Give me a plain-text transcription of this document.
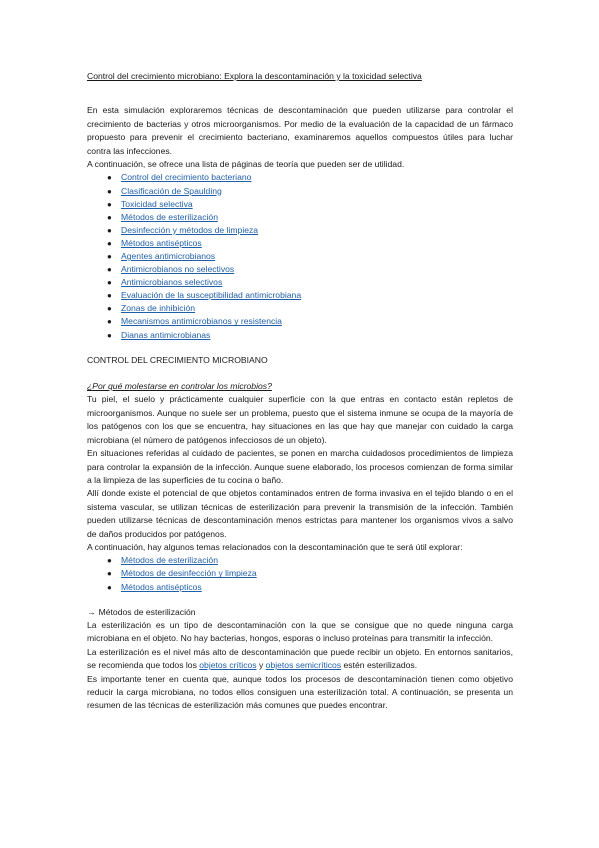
Control del crecimiento microbiano: Explora la descontaminación y la toxicidad selectiva

En esta simulación exploraremos técnicas de descontaminación que pueden utilizarse para controlar el crecimiento de bacterias y otros microorganismos. Por medio de la evaluación de la capacidad de un fármaco propuesto para prevenir el crecimiento bacteriano, examinaremos aquellos compuestos útiles para luchar contra las infecciones.

A continuación, se ofrece una lista de páginas de teoría que pueden ser de utilidad.

● Control del crecimiento bacteriano
● Clasificación de Spaulding
● Toxicidad selectiva
● Métodos de esterilización
● Desinfección y métodos de limpieza
● Métodos antisépticos
● Agentes antimicrobianos
● Antimicrobianos no selectivos
● Antimicrobianos selectivos
● Evaluación de la susceptibilidad antimicrobiana
● Zonas de inhibición
● Mecanismos antimicrobianos y resistencia
● Dianas antimicrobianas
CONTROL DEL CRECIMIENTO MICROBIANO
¿Por qué molestarse en controlar los microbios?

Tu piel, el suelo y prácticamente cualquier superficie con la que entras en contacto están repletos de microorganismos. Aunque no suele ser un problema, puesto que el sistema inmune se ocupa de la mayoría de los patógenos con los que se encuentra, hay situaciones en las que hay que manejar con cuidado la carga microbiana (el número de patógenos infecciosos de un objeto).

En situaciones referidas al cuidado de pacientes, se ponen en marcha cuidadosos procedimientos de limpieza para controlar la expansión de la infección. Aunque suene elaborado, los procesos comienzan de forma similar a la limpieza de las superficies de tu cocina o baño.

Allí donde existe el potencial de que objetos contaminados entren de forma invasiva en el tejido blando o en el sistema vascular, se utilizan técnicas de esterilización para prevenir la transmisión de la infección. También pueden utilizarse técnicas de descontaminación menos estrictas para mantener los organismos vivos a salvo de daños producidos por patógenos.

A continuación, hay algunos temas relacionados con la descontaminación que te será útil explorar:

● Métodos de esterilización
● Métodos de desinfección y limpieza
● Métodos antisépticos
→ Métodos de esterilización

La esterilización es un tipo de descontaminación con la que se consigue que no quede ninguna carga microbiana en el objeto. No hay bacterias, hongos, esporas o incluso proteínas para transmitir la infección.

La esterilización es el nivel más alto de descontaminación que puede recibir un objeto. En entornos sanitarios, se recomienda que todos los objetos críticos y objetos semicríticos estén esterilizados.

Es importante tener en cuenta que, aunque todos los procesos de descontaminación tienen como objetivo reducir la carga microbiana, no todos ellos consiguen una esterilización total. A continuación, se presenta un resumen de las técnicas de esterilización más comunes que puedes encontrar.
